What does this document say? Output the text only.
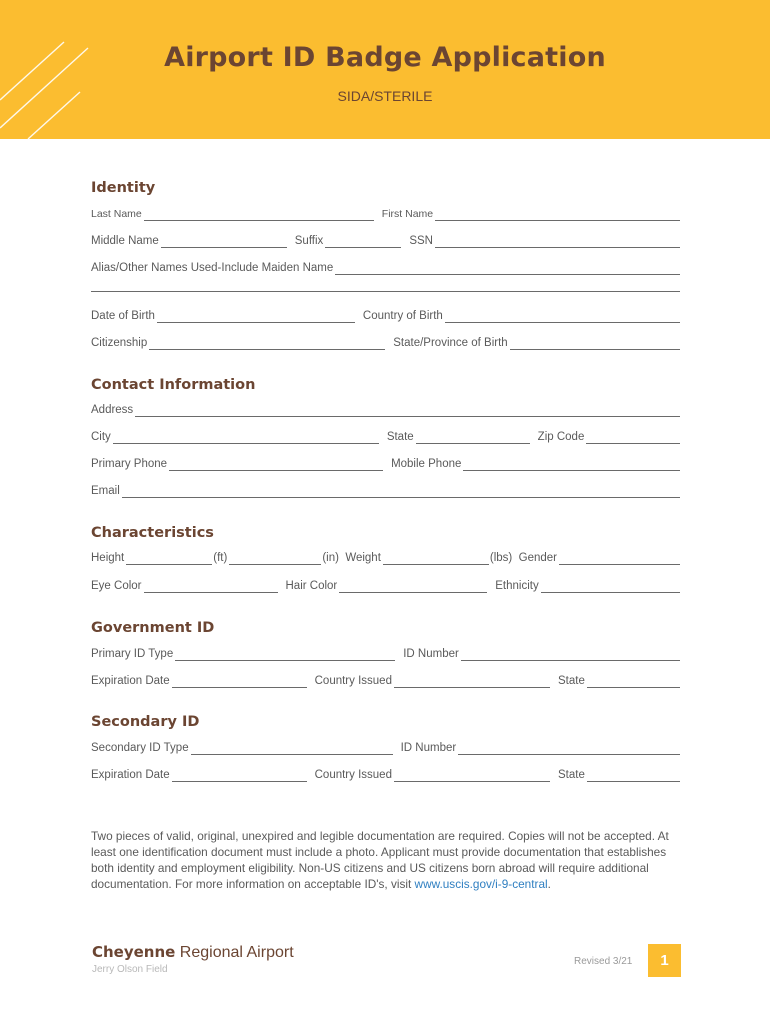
Airport ID Badge Application
SIDA/STERILE
Identity
Last Name	First Name
Middle Name	Suffix	SSN
Alias/Other Names Used-Include Maiden Name
Date of Birth	Country of Birth
Citizenship	State/Province of Birth
Contact Information
Address
City	State	Zip Code
Primary Phone	Mobile Phone
Email
Characteristics
Height	(ft)	(in)  Weight	(lbs)  Gender
Eye Color	Hair Color	Ethnicity
Government ID
Primary ID Type	ID Number
Expiration Date	Country Issued	State
Secondary ID
Secondary ID Type	ID Number
Expiration Date	Country Issued	State
Two pieces of valid, original, unexpired and legible documentation are required. Copies will not be accepted. At least one identification document must include a photo. Applicant must provide documentation that establishes both identity and employment eligibility. Non-US citizens and US citizens born abroad will require additional documentation. For more information on acceptable ID's, visit www.uscis.gov/i-9-central.
Cheyenne Regional Airport
Jerry Olson Field
Revised 3/21	1
